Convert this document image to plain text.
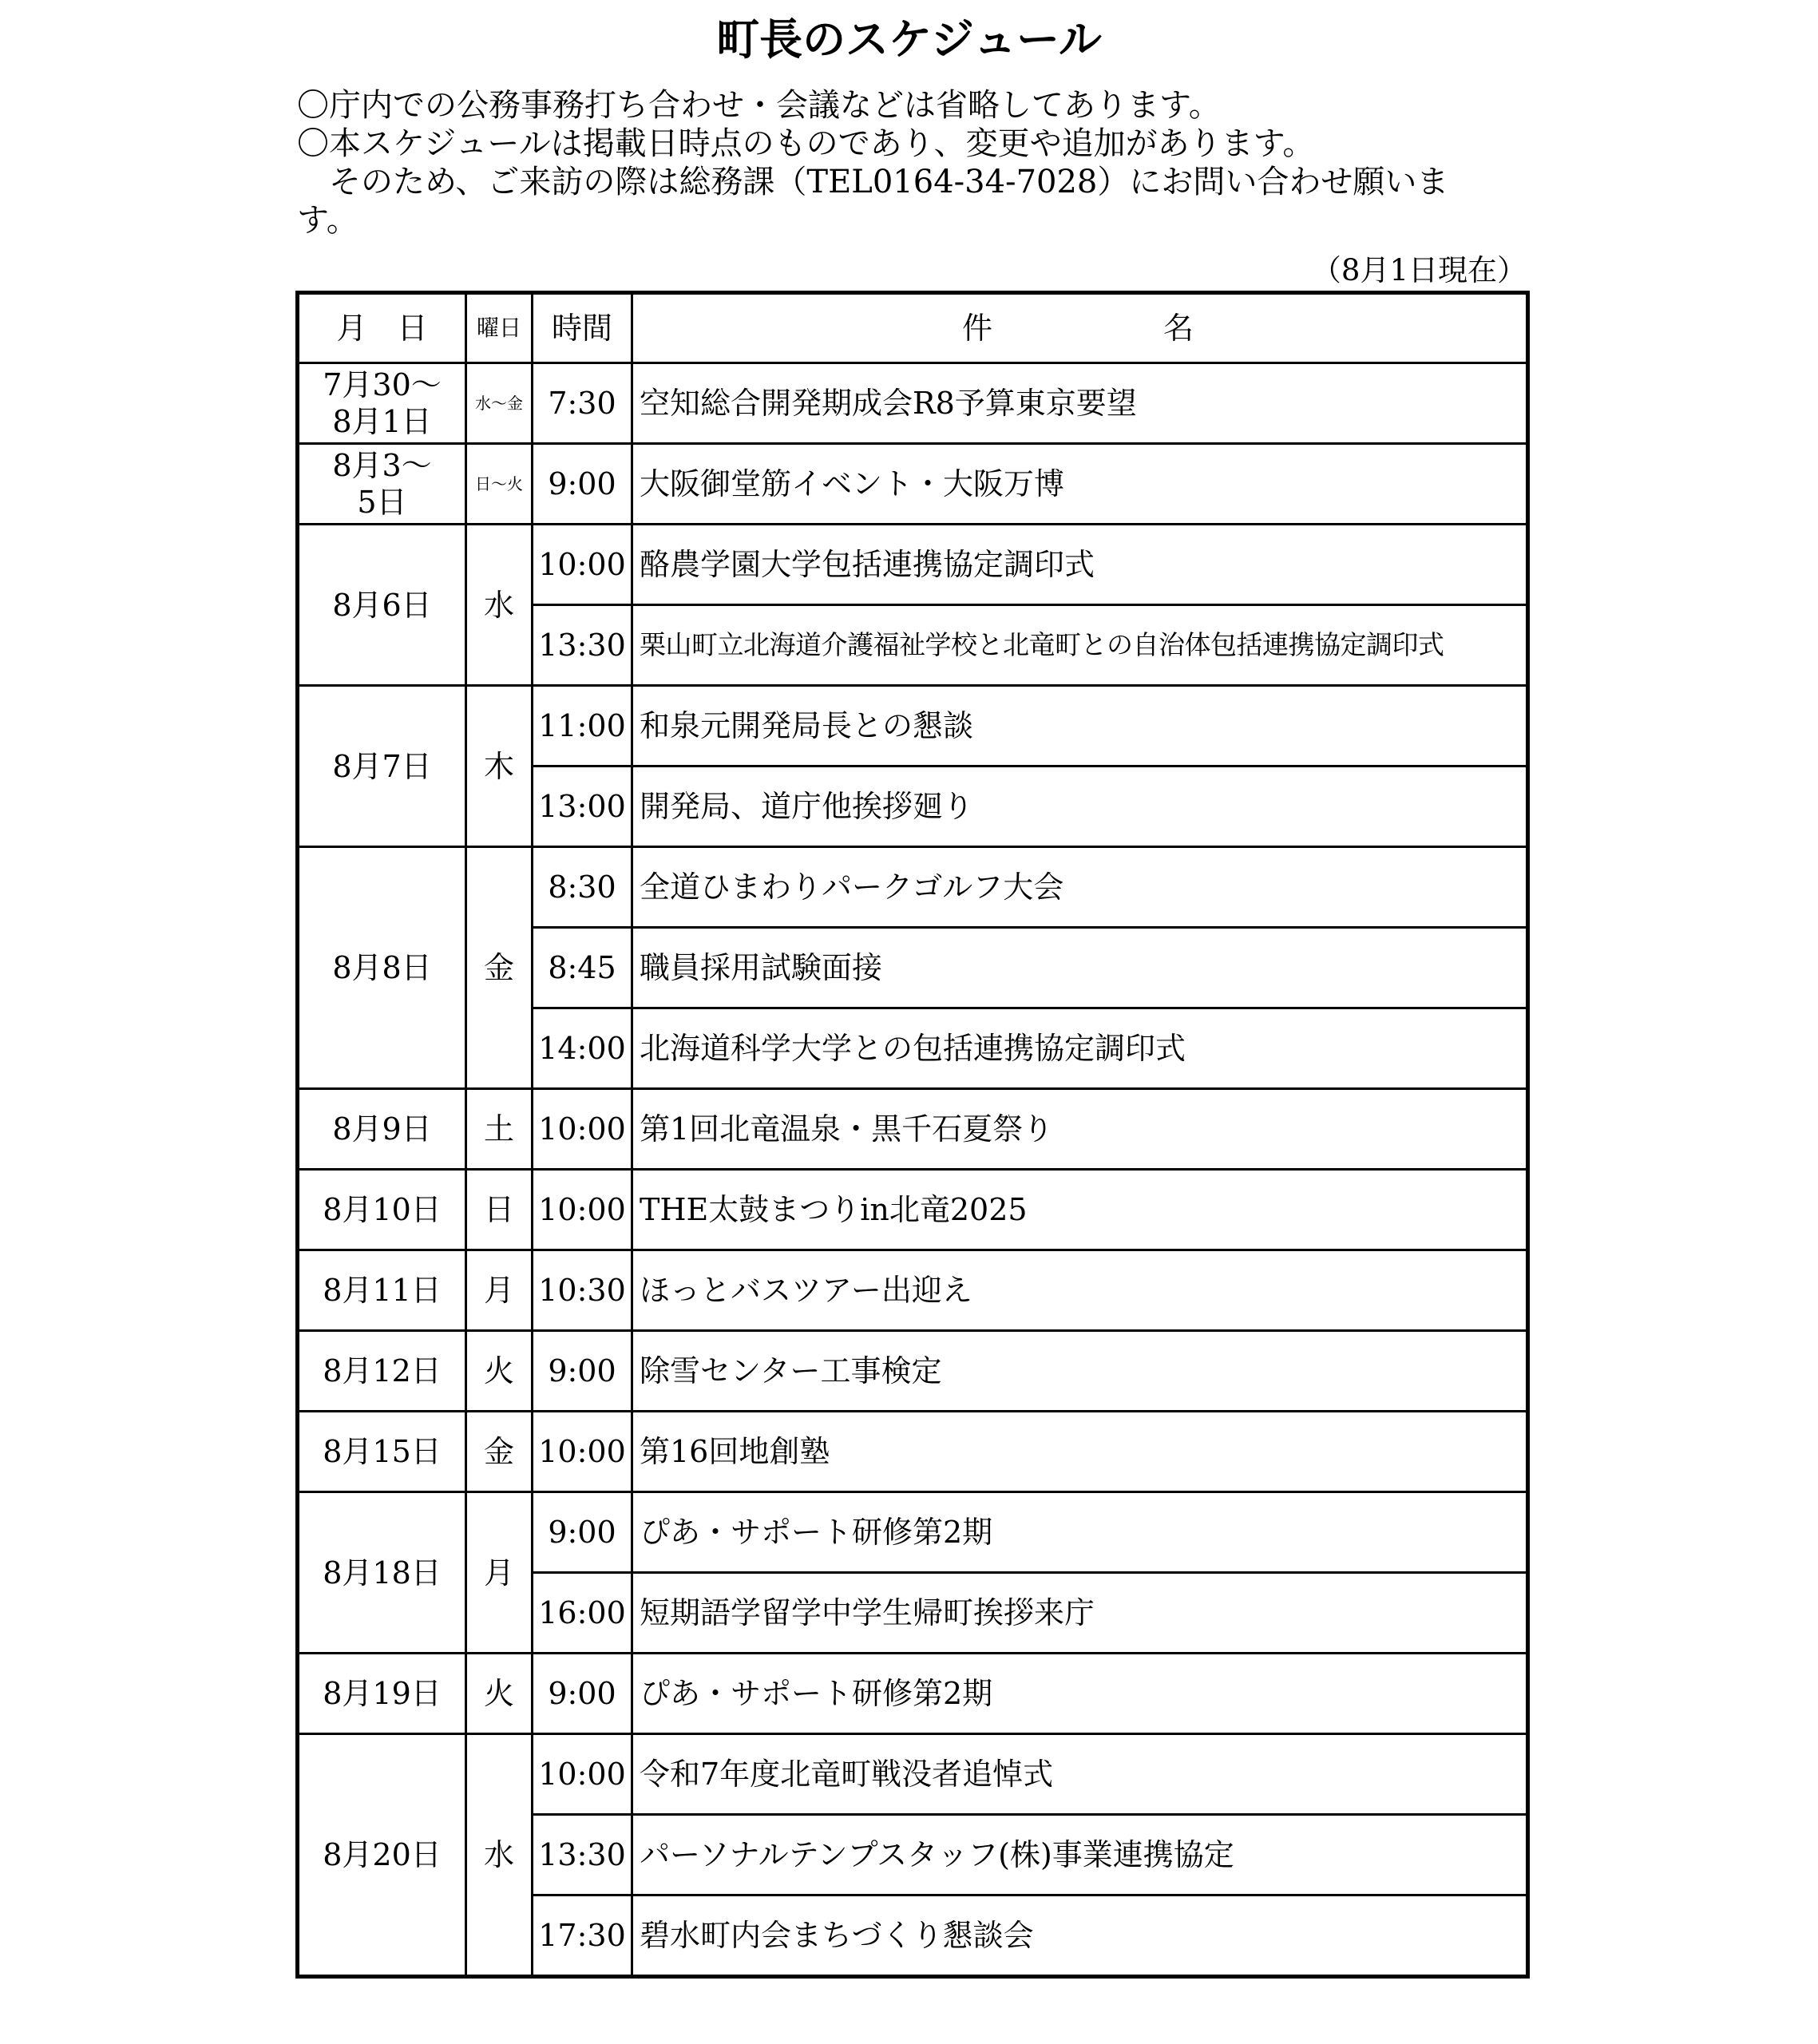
町長のスケジュール
〇庁内での公務事務打ち合わせ・会議などは省略してあります。
〇本スケジュールは掲載日時点のものであり、変更や追加があります。
　そのため、ご来訪の際は総務課（TEL0164-34-7028）にお問い合わせ願います。
（8月1日現在）
月　日	曜日	時間	件　　　　　名
7月30〜
8月1日	水〜金	7:30	空知総合開発期成会R8予算東京要望
8月3〜
5日	日〜火	9:00	大阪御堂筋イベント・大阪万博
8月6日	水	10:00	酪農学園大学包括連携協定調印式
		13:30	栗山町立北海道介護福祉学校と北竜町との自治体包括連携協定調印式
8月7日	木	11:00	和泉元開発局長との懇談
		13:00	開発局、道庁他挨拶廻り
8月8日	金	8:30	全道ひまわりパークゴルフ大会
		8:45	職員採用試験面接
		14:00	北海道科学大学との包括連携協定調印式
8月9日	土	10:00	第1回北竜温泉・黒千石夏祭り
8月10日	日	10:00	THE太鼓まつりin北竜2025
8月11日	月	10:30	ほっとバスツアー出迎え
8月12日	火	9:00	除雪センター工事検定
8月15日	金	10:00	第16回地創塾
8月18日	月	9:00	ぴあ・サポート研修第2期
		16:00	短期語学留学中学生帰町挨拶来庁
8月19日	火	9:00	ぴあ・サポート研修第2期
8月20日	水	10:00	令和7年度北竜町戦没者追悼式
		13:30	パーソナルテンプスタッフ(株)事業連携協定
		17:30	碧水町内会まちづくり懇談会
